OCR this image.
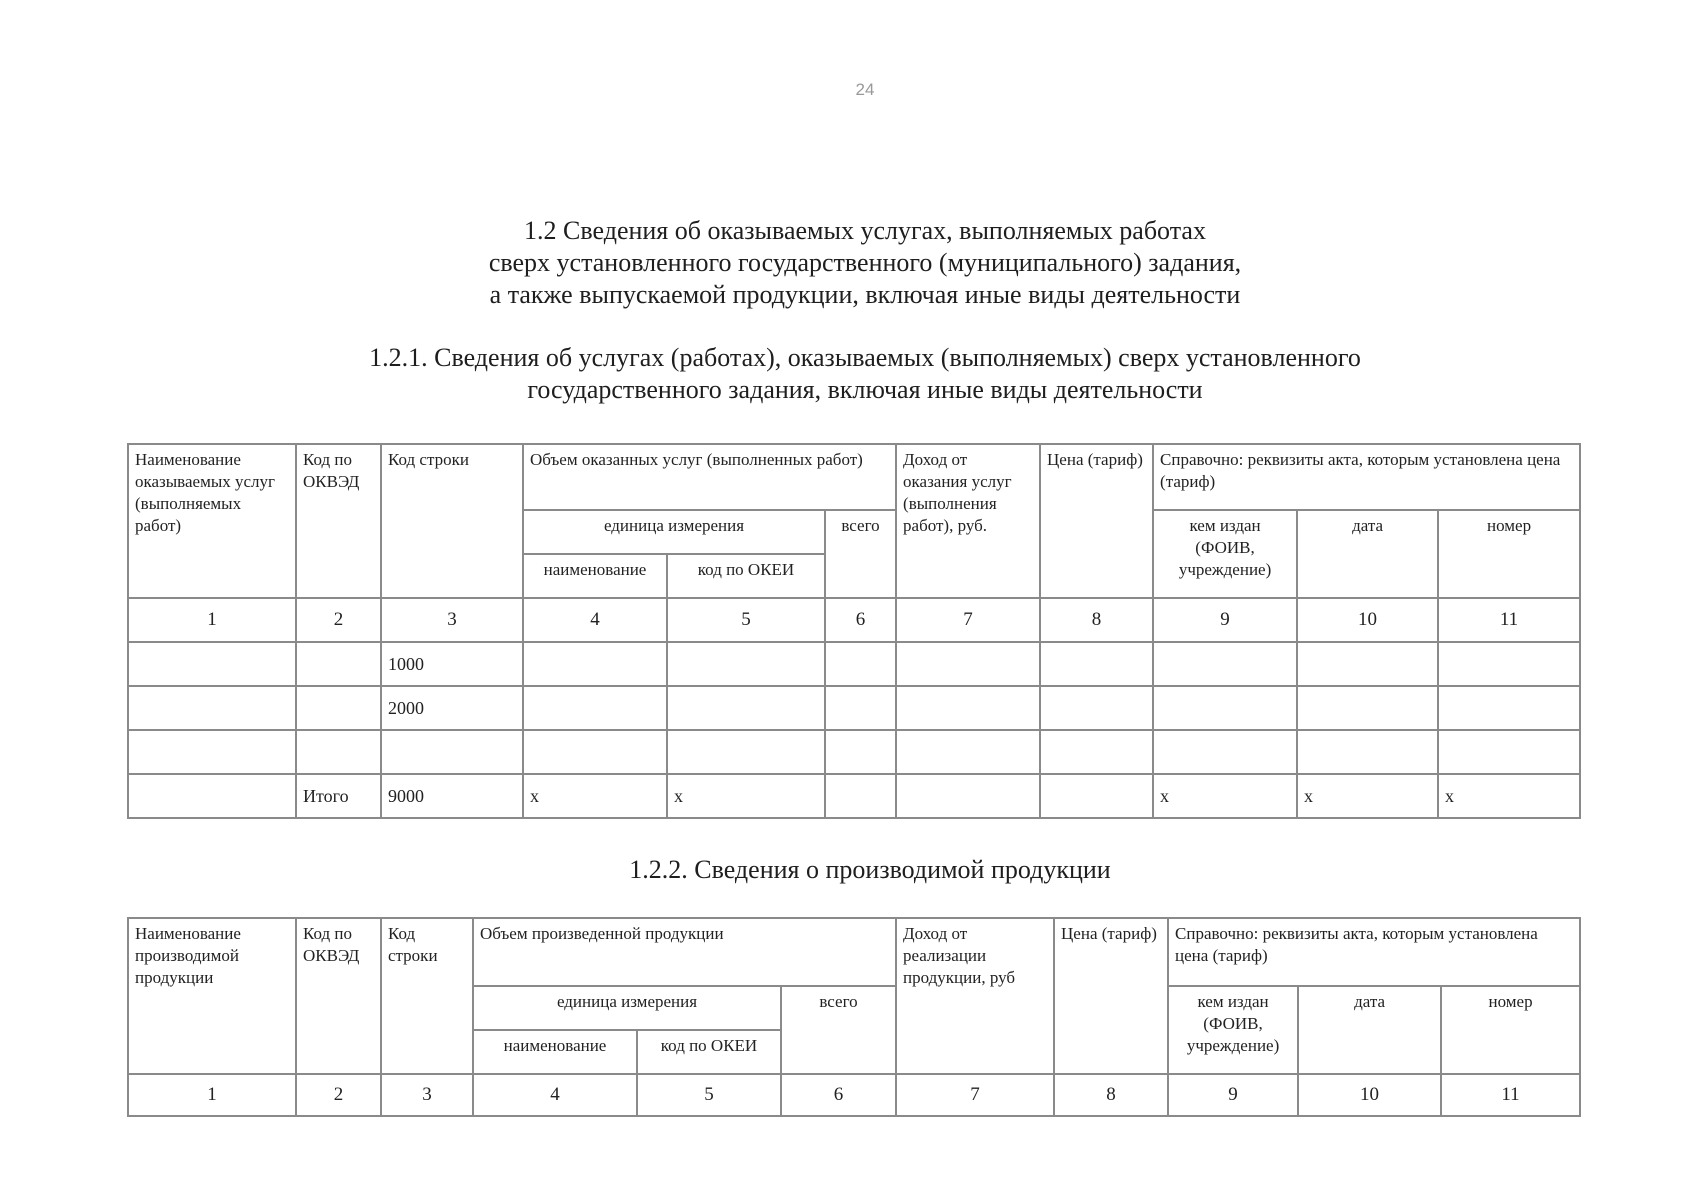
24
1.2 Сведения об оказываемых услугах, выполняемых работах
сверх установленного государственного (муниципального) задания,
а также выпускаемой продукции, включая иные виды деятельности
1.2.1. Сведения об услугах (работах), оказываемых (выполняемых) сверх установленного
государственного задания, включая иные виды деятельности
Наименование оказываемых услуг (выполняемых работ)	Код по ОКВЭД	Код строки	Объем оказанных услуг (выполненных работ)			Доход от оказания услуг (выполнения работ), руб.	Цена (тариф)	Справочно: реквизиты акта, которым установлена цена (тариф)		
			единица измерения		всего			кем издан (ФОИВ, учреждение)	дата	номер
			наименование	код по ОКЕИ						
1	2	3	4	5	6	7	8	9	10	11
		1000								
		2000								

	Итого	9000	х	х				х	х	х
1.2.2. Сведения о производимой продукции
Наименование производимой продукции	Код по ОКВЭД	Код строки	Объем произведенной продукции			Доход от реализации продукции, руб	Цена (тариф)	Справочно: реквизиты акта, которым установлена цена (тариф)		
			единица измерения		всего			кем издан (ФОИВ, учреждение)	дата	номер
			наименование	код по ОКЕИ						
1	2	3	4	5	6	7	8	9	10	11
